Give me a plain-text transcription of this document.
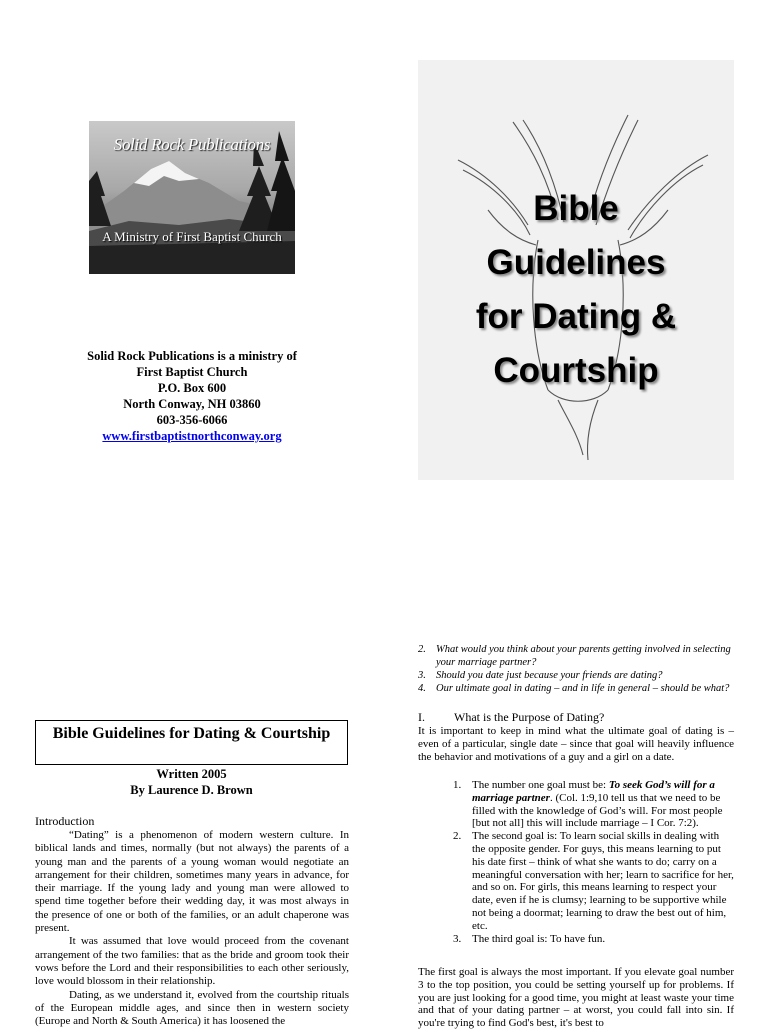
Solid Rock Publications
A Ministry of First Baptist Church
Solid Rock Publications is a ministry of
First Baptist Church
P.O. Box 600
North Conway, NH 03860
603-356-6066
www.firstbaptistnorthconway.org
Bible
Guidelines
for Dating &
Courtship
Bible Guidelines for Dating & Courtship
Written 2005
By Laurence D. Brown

Introduction

“Dating” is a phenomenon of modern western culture. In biblical lands and times, normally (but not always) the parents of a young man and the parents of a young woman would negotiate an arrangement for their children, sometimes many years in advance, for their marriage. If the young lady and young man were allowed to spend time together before their wedding day, it was most always in the presence of one or both of the families, or an adult chaperone was present.

It was assumed that love would proceed from the covenant arrangement of the two families: that as the bride and groom took their vows before the Lord and their responsibilities to each other seriously, love would blossom in their relationship.

Dating, as we understand it, evolved from the courtship rituals of the European middle ages, and since then in western society (Europe and North & South America) it has loosened the

2. What would you think about your parents getting involved in selecting your marriage partner?
3. Should you date just because your friends are dating?
4. Our ultimate goal in dating – and in life in general – should be what?
I. What is the Purpose of Dating?
It is important to keep in mind what the ultimate goal of dating is – even of a particular, single date – since that goal will heavily influence the behavior and motivations of a guy and a girl on a date.
1. The number one goal must be: To seek God’s will for a marriage partner. (Col. 1:9,10 tell us that we need to be filled with the knowledge of God’s will. For most people [but not all] this will include marriage – I Cor. 7:2).
2. The second goal is: To learn social skills in dealing with the opposite gender. For guys, this means learning to put his date first – think of what she wants to do; carry on a meaningful conversation with her; learn to sacrifice for her, and so on. For girls, this means learning to respect your date, even if he is clumsy; learning to be supportive while not being a doormat; learning to draw the best out of him, etc.
3. The third goal is: To have fun.
The first goal is always the most important. If you elevate goal number 3 to the top position, you could be setting yourself up for problems. If you are just looking for a good time, you might at least waste your time and that of your dating partner – at worst, you could fall into sin. If you're trying to find God's best, it's best to
